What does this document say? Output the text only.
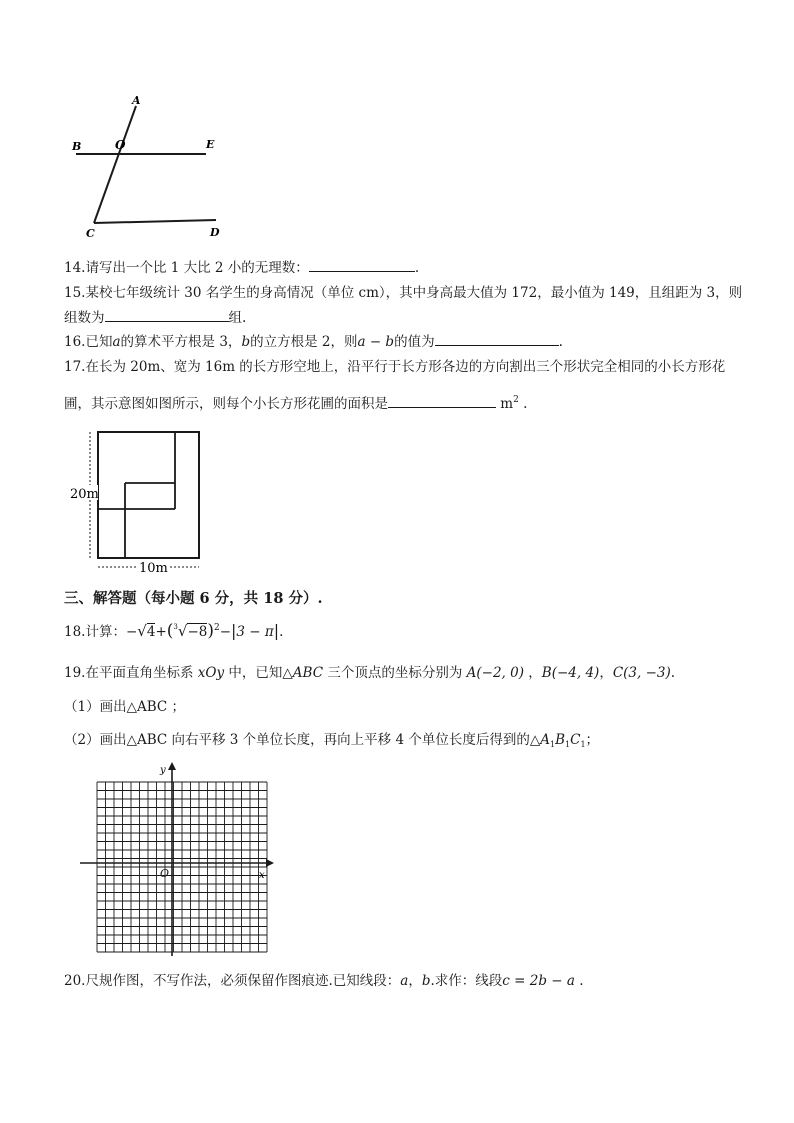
A
B	O	E
C	D
14.请写出一个比 1 大比 2 小的无理数：	.
15.某校七年级统计 30 名学生的身高情况（单位 cm），其中身高最大值为 172，最小值为 149，且组距为 3，则
组数为	组.
16.已知a的算术平方根是 3，b的立方根是 2，则a − b的值为	.
17.在长为 20m、宽为 16m 的长方形空地上，沿平行于长方形各边的方向割出三个形状完全相同的小长方形花
圃，其示意图如图所示，则每个小长方形花圃的面积是	$m^2$ .
20m
10m
三、解答题（每小题 6 分，共 18 分）.
18.计算：$-√4+(^3√-8)^2-|3 - \pi|$.
19.在平面直角坐标系 xOy 中，已知△ABC 三个顶点的坐标分别为 A(−2, 0) ，B(−4, 4)，C(3, −3).
（1）画出△ABC ；
（2）画出△ABC 向右平移 3 个单位长度，再向上平移 4 个单位长度后得到的$\triangle A_1B_1C_1$；
y
x
O
20.尺规作图，不写作法，必须保留作图痕迹.已知线段：a，b.求作：线段c = 2b − a .
